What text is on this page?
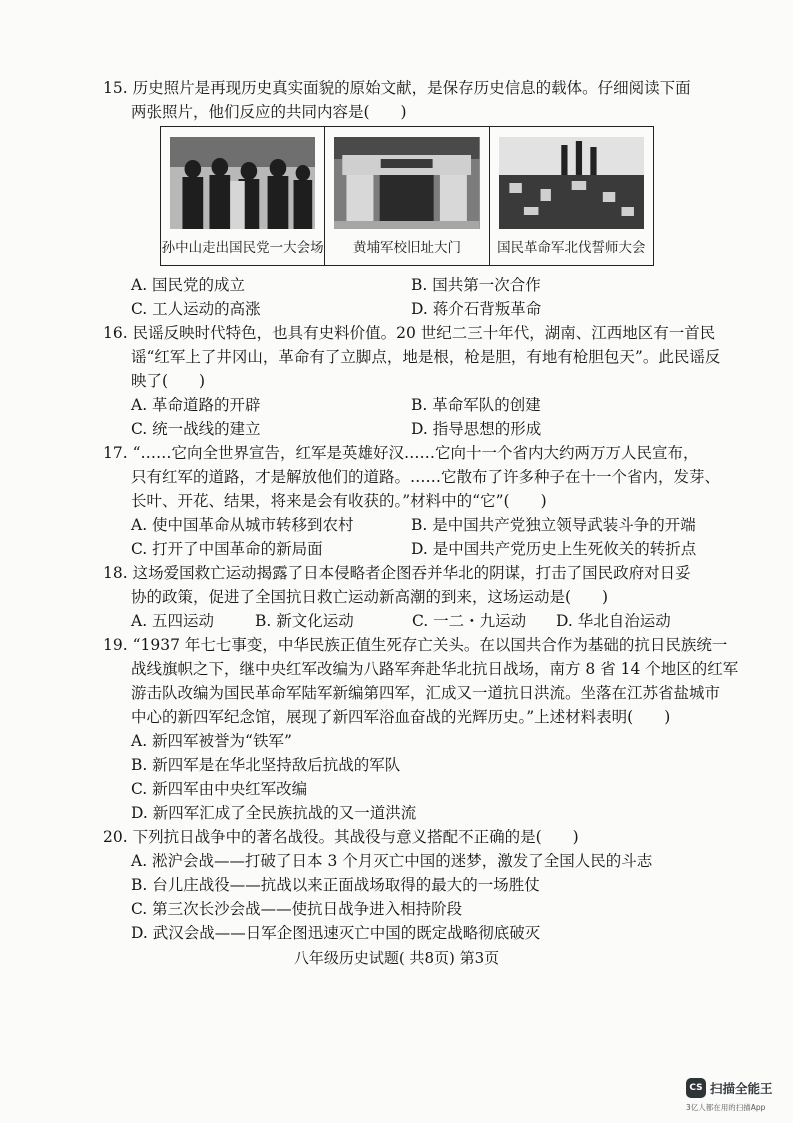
15. 历史照片是再现历史真实面貌的原始文献，是保存历史信息的载体。仔细阅读下面
两张照片，他们反应的共同内容是(　　)
孙中山走出国民党一大会场	黄埔军校旧址大门	国民革命军北伐誓师大会
A. 国民党的成立	B. 国共第一次合作
C. 工人运动的高涨	D. 蒋介石背叛革命
16. 民谣反映时代特色，也具有史料价值。20 世纪二三十年代，湖南、江西地区有一首民
谣“红军上了井冈山，革命有了立脚点，地是根，枪是胆，有地有枪胆包天”。此民谣反
映了(　　)
A. 革命道路的开辟	B. 革命军队的创建
C. 统一战线的建立	D. 指导思想的形成
17. “……它向全世界宣告，红军是英雄好汉……它向十一个省内大约两万万人民宣布，
只有红军的道路，才是解放他们的道路。……它散布了许多种子在十一个省内，发芽、
长叶、开花、结果，将来是会有收获的。”材料中的“它”(　　)
A. 使中国革命从城市转移到农村	B. 是中国共产党独立领导武装斗争的开端
C. 打开了中国革命的新局面	D. 是中国共产党历史上生死攸关的转折点
18. 这场爱国救亡运动揭露了日本侵略者企图吞并华北的阴谋，打击了国民政府对日妥
协的政策，促进了全国抗日救亡运动新高潮的到来，这场运动是(　　)
A. 五四运动	B. 新文化运动	C. 一二・九运动 D. 华北自治运动
19. “1937 年七七事变，中华民族正值生死存亡关头。在以国共合作为基础的抗日民族统一
战线旗帜之下，继中央红军改编为八路军奔赴华北抗日战场，南方 8 省 14 个地区的红军
游击队改编为国民革命军陆军新编第四军，汇成又一道抗日洪流。坐落在江苏省盐城市
中心的新四军纪念馆，展现了新四军浴血奋战的光辉历史。”上述材料表明(　　)
A. 新四军被誉为“铁军”
B. 新四军是在华北坚持敌后抗战的军队
C. 新四军由中央红军改编
D. 新四军汇成了全民族抗战的又一道洪流
20. 下列抗日战争中的著名战役。其战役与意义搭配不正确的是(　　)
A. 淞沪会战——打破了日本 3 个月灭亡中国的迷梦，激发了全国人民的斗志
B. 台儿庄战役——抗战以来正面战场取得的最大的一场胜仗
C. 第三次长沙会战——使抗日战争进入相持阶段
D. 武汉会战——日军企图迅速灭亡中国的既定战略彻底破灭
八年级历史试题( 共8页) 第3页
CS 扫描全能王
3亿人都在用的扫描App
